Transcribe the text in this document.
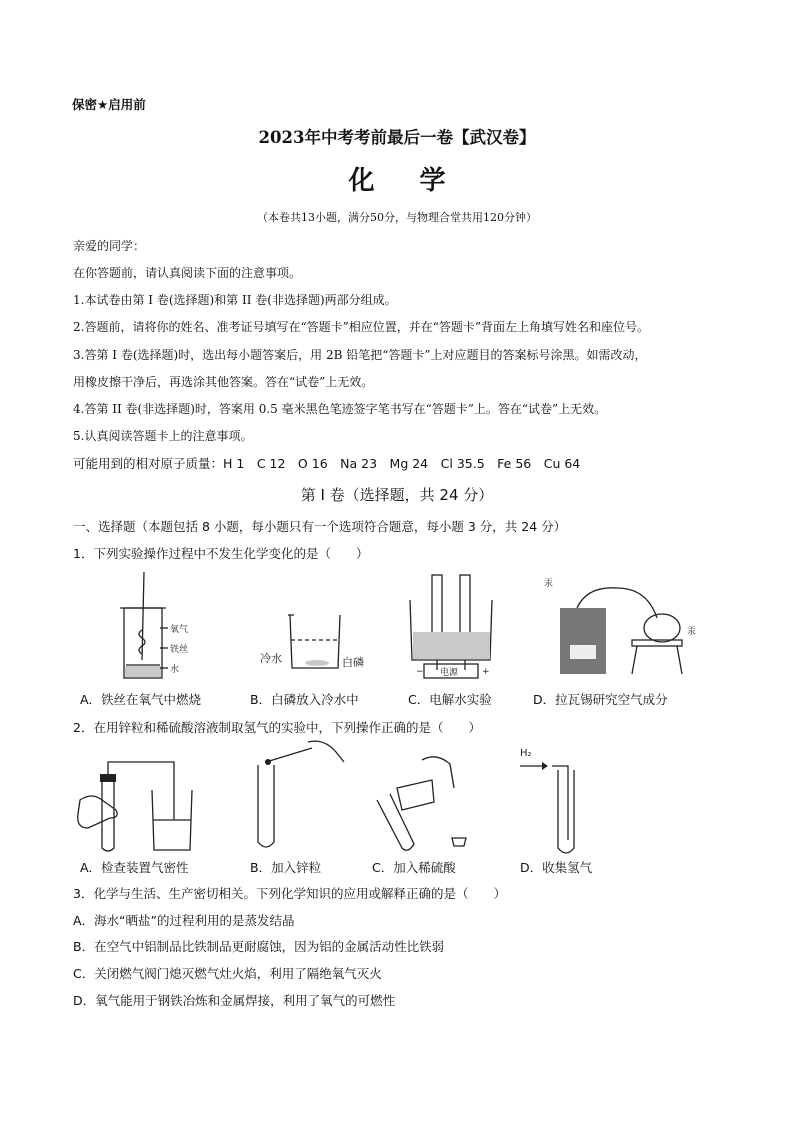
保密★启用前
2023年中考考前最后一卷【武汉卷】
化 学
（本卷共13小题，满分50分，与物理合堂共用120分钟）
亲爱的同学：
在你答题前，请认真阅读下面的注意事项。
1.本试卷由第 I 卷(选择题)和第 II 卷(非选择题)两部分组成。
2.答题前，请将你的姓名、准考证号填写在“答题卡”相应位置，并在“答题卡”背面左上角填写姓名和座位号。
3.答第 I 卷(选择题)时，选出每小题答案后，用 2B 铅笔把“答题卡”上对应题目的答案标号涂黑。如需改动，
用橡皮擦干净后，再选涂其他答案。答在“试卷”上无效。
4.答第 II 卷(非选择题)时，答案用 0.5 毫米黑色笔迹签字笔书写在“答题卡”上。答在“试卷”上无效。
5.认真阅读答题卡上的注意事项。
可能用到的相对原子质量：H 1　C 12　O 16　Na 23　Mg 24　Cl 35.5　Fe 56　Cu 64
第 I 卷（选择题，共 24 分）
一、选择题（本题包括 8 小题，每小题只有一个选项符合题意，每小题 3 分，共 24 分）
1．下列实验操作过程中不发生化学变化的是（　　）
氧气
铁丝
水
冷水	白磷
电源
−	+
汞
汞
A．铁丝在氧气中燃烧	B．白磷放入冷水中	C．电解水实验	D．拉瓦锡研究空气成分
2．在用锌粒和稀硫酸溶液制取氢气的实验中，下列操作正确的是（　　）
H₂
A．检查装置气密性	B．加入锌粒	C．加入稀硫酸	D．收集氢气
3．化学与生活、生产密切相关。下列化学知识的应用或解释正确的是（　　）
A．海水“晒盐”的过程利用的是蒸发结晶
B．在空气中铝制品比铁制品更耐腐蚀，因为铝的金属活动性比铁弱
C．关闭燃气阀门熄灭燃气灶火焰，利用了隔绝氧气灭火
D．氧气能用于钢铁冶炼和金属焊接，利用了氧气的可燃性
